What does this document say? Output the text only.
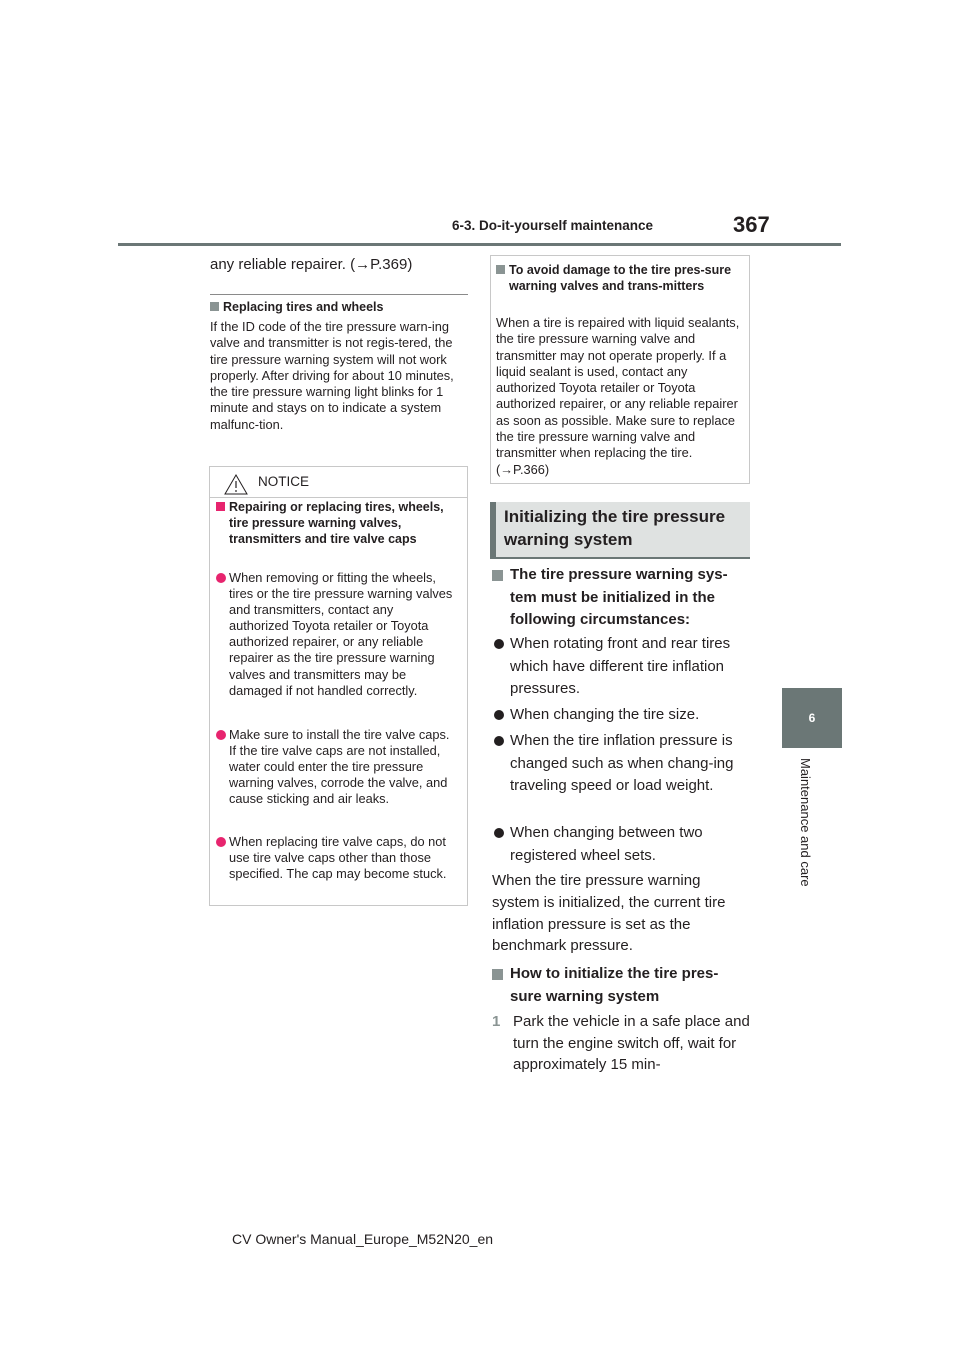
6-3. Do-it-yourself maintenance	367
6
Maintenance and care
any reliable repairer. (→P.369)
Replacing tires and wheels
If the ID code of the tire pressure warn-ing valve and transmitter is not regis-tered, the tire pressure warning system will not work properly. After driving for about 10 minutes, the tire pressure warning light blinks for 1 minute and stays on to indicate a system malfunc-tion.
NOTICE
Repairing or replacing tires, wheels, tire pressure warning valves, transmitters and tire valve caps
When removing or fitting the wheels, tires or the tire pressure warning valves and transmitters, contact any authorized Toyota retailer or Toyota authorized repairer, or any reliable repairer as the tire pressure warning valves and transmitters may be damaged if not handled correctly.
Make sure to install the tire valve caps. If the tire valve caps are not installed, water could enter the tire pressure warning valves, corrode the valve, and cause sticking and air leaks.
When replacing tire valve caps, do not use tire valve caps other than those specified. The cap may become stuck.
To avoid damage to the tire pres-sure warning valves and trans-mitters
When a tire is repaired with liquid sealants, the tire pressure warning valve and transmitter may not operate properly. If a liquid sealant is used, contact any authorized Toyota retailer or Toyota authorized repairer, or any reliable repairer as soon as possible. Make sure to replace the tire pressure warning valve and transmitter when replacing the tire. (→P.366)
Initializing the tire pressure warning system
The tire pressure warning sys-tem must be initialized in the following circumstances:
When rotating front and rear tires which have different tire inflation pressures.
When changing the tire size.
When the tire inflation pressure is changed such as when chang-ing traveling speed or load weight.
When changing between two registered wheel sets.
When the tire pressure warning system is initialized, the current tire inflation pressure is set as the benchmark pressure.
How to initialize the tire pres-sure warning system
1 Park the vehicle in a safe place and turn the engine switch off, wait for approximately 15 min-
CV Owner's Manual_Europe_M52N20_en
